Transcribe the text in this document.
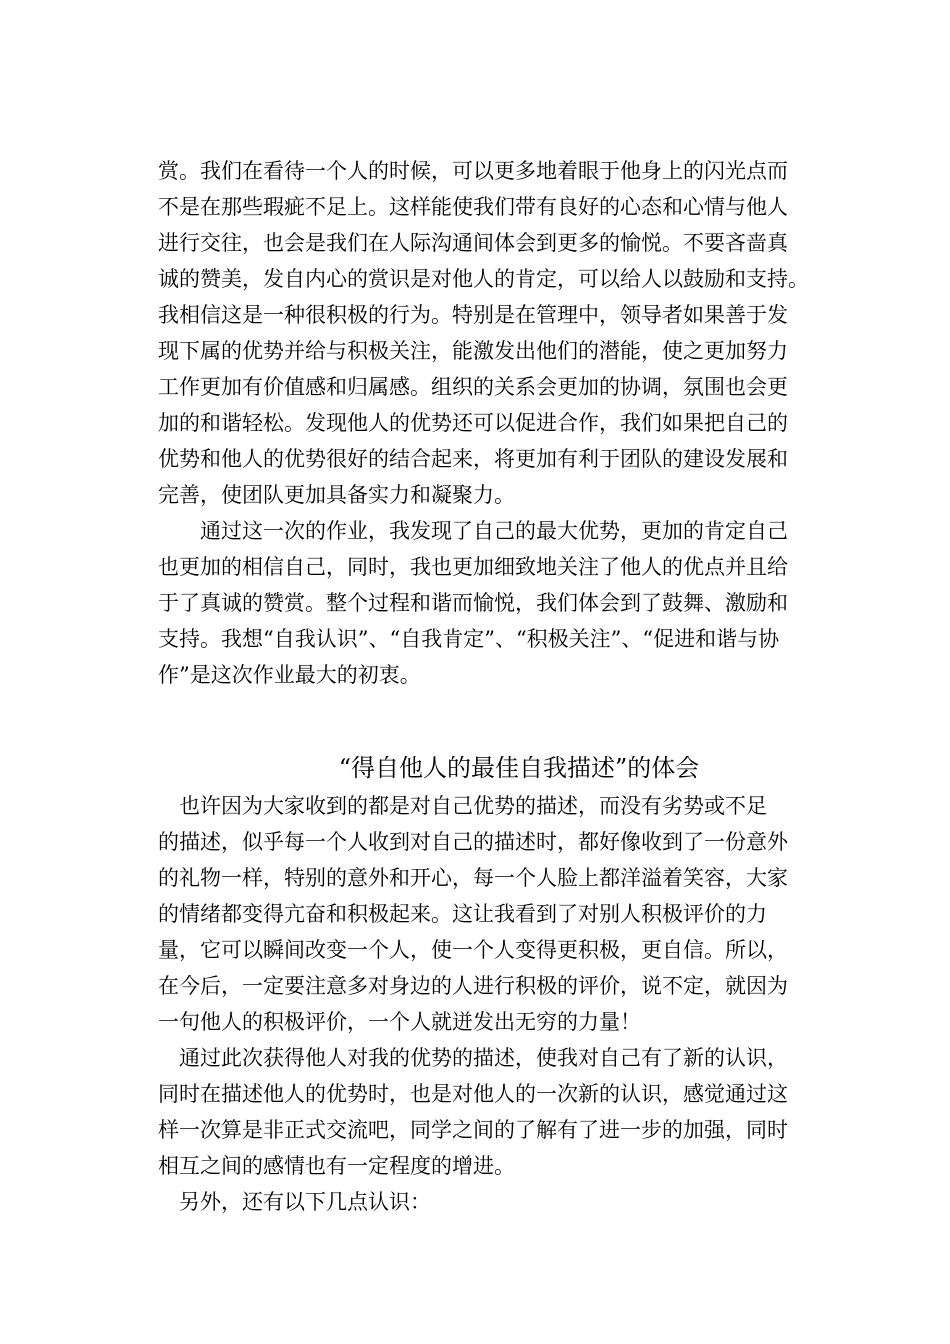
赏。我们在看待一个人的时候，可以更多地着眼于他身上的闪光点而
不是在那些瑕疵不足上。这样能使我们带有良好的心态和心情与他人
进行交往，也会是我们在人际沟通间体会到更多的愉悦。不要吝啬真
诚的赞美，发自内心的赏识是对他人的肯定，可以给人以鼓励和支持。
我相信这是一种很积极的行为。特别是在管理中，领导者如果善于发
现下属的优势并给与积极关注，能激发出他们的潜能，使之更加努力
工作更加有价值感和归属感。组织的关系会更加的协调，氛围也会更
加的和谐轻松。发现他人的优势还可以促进合作，我们如果把自己的
优势和他人的优势很好的结合起来，将更加有利于团队的建设发展和
完善，使团队更加具备实力和凝聚力。
　　通过这一次的作业，我发现了自己的最大优势，更加的肯定自己
也更加的相信自己，同时，我也更加细致地关注了他人的优点并且给
于了真诚的赞赏。整个过程和谐而愉悦，我们体会到了鼓舞、激励和
支持。我想“自我认识”、“自我肯定”、“积极关注”、“促进和谐与协
作”是这次作业最大的初衷。
“得自他人的最佳自我描述”的体会
　也许因为大家收到的都是对自己优势的描述，而没有劣势或不足
的描述，似乎每一个人收到对自己的描述时，都好像收到了一份意外
的礼物一样，特别的意外和开心，每一个人脸上都洋溢着笑容，大家
的情绪都变得亢奋和积极起来。这让我看到了对别人积极评价的力
量，它可以瞬间改变一个人，使一个人变得更积极，更自信。所以，
在今后，一定要注意多对身边的人进行积极的评价，说不定，就因为
一句他人的积极评价，一个人就迸发出无穷的力量！
　通过此次获得他人对我的优势的描述，使我对自己有了新的认识，
同时在描述他人的优势时，也是对他人的一次新的认识，感觉通过这
样一次算是非正式交流吧，同学之间的了解有了进一步的加强，同时
相互之间的感情也有一定程度的增进。
　另外，还有以下几点认识：
